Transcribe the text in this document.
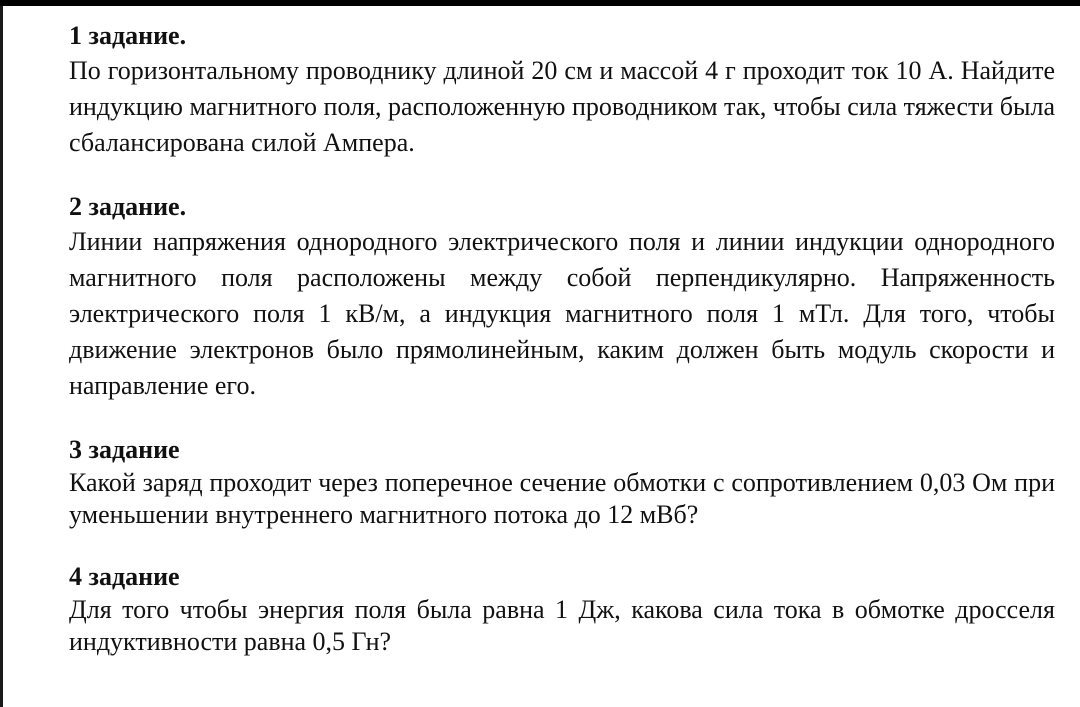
1 задание.

По горизонтальному проводнику длиной 20 см и массой 4 г проходит ток 10 А. Найдите индукцию магнитного поля, расположенную проводником так, чтобы сила тяжести была сбалансирована силой Ампера.

2 задание.

Линии напряжения однородного электрического поля и линии индукции однородного магнитного поля расположены между собой перпендикулярно. Напряженность электрического поля 1 кВ/м, а индукция магнитного поля 1 мТл. Для того, чтобы движение электронов было прямолинейным, каким должен быть модуль скорости и направление его.

3 задание

Какой заряд проходит через поперечное сечение обмотки с сопротивлением 0,03 Ом при уменьшении внутреннего магнитного потока до 12 мВб?

4 задание

Для того чтобы энергия поля была равна 1 Дж, какова сила тока в обмотке дросселя индуктивности равна 0,5 Гн?
